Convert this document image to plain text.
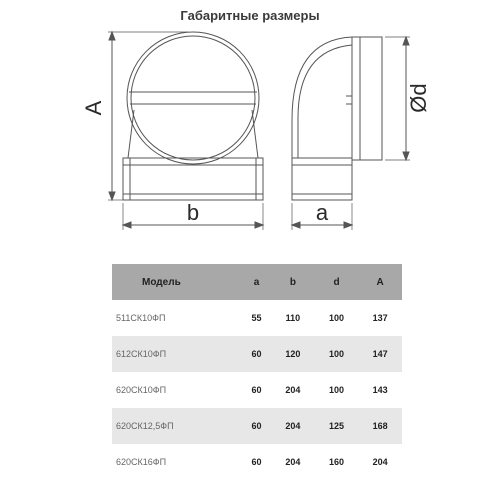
Габаритные размеры
A
b	a
Ød
Модель	a	b	d	A
511СК10ФП	55	110	100	137
612СК10ФП	60	120	100	147
620СК10ФП	60	204	100	143
620СК12,5ФП	60	204	125	168
620СК16ФП	60	204	160	204
